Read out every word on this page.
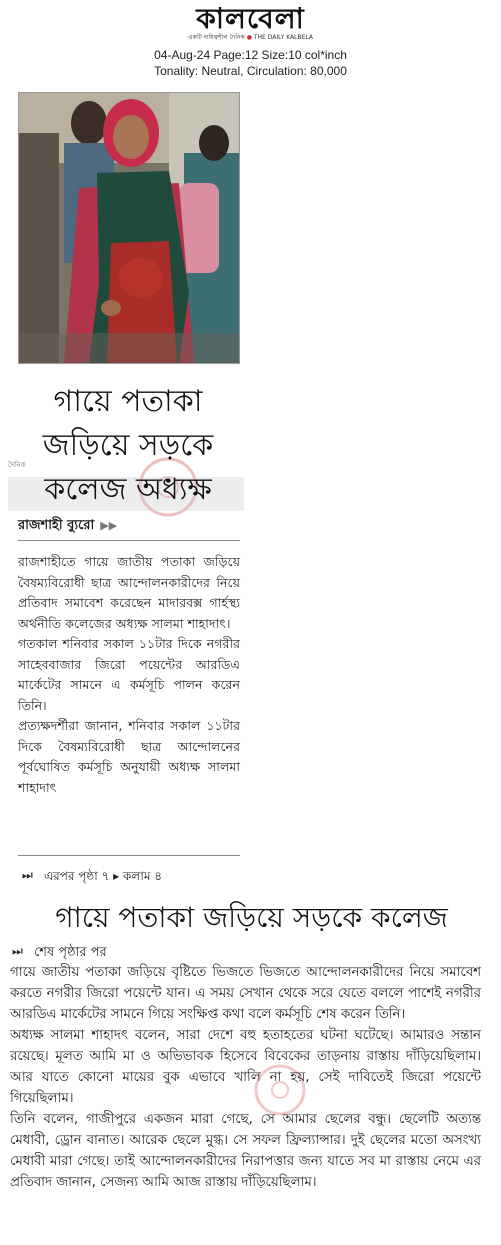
কালবেলা
একটি দায়িত্বশীল দৈনিক ● THE DAILY KALBELA
04-Aug-24 Page:12 Size:10 col*inch
Tonality: Neutral, Circulation: 80,000
দৈনিক
গায়ে পতাকা
জড়িয়ে সড়কে
কলেজ অধ্যক্ষ
রাজশাহী ব্যুরো ▶▶

রাজশাহীতে গায়ে জাতীয় পতাকা জড়িয়ে বৈষম্যবিরোধী ছাত্র আন্দোলনকারীদের নিয়ে প্রতিবাদ সমাবেশ করেছেন মাদারবক্স গার্হস্থ্য অর্থনীতি কলেজের অধ্যক্ষ সালমা শাহাদাৎ।

গতকাল শনিবার সকাল ১১টার দিকে নগরীর সাহেববাজার জিরো পয়েন্টের আরডিএ মার্কেটের সামনে এ কর্মসূচি পালন করেন তিনি।

প্রত্যক্ষদর্শীরা জানান, শনিবার সকাল ১১টার দিকে বৈষম্যবিরোধী ছাত্র আন্দোলনের পূর্বঘোষিত কর্মসূচি অনুযায়ী অধ্যক্ষ সালমা শাহাদাৎ

⏭ এরপর পৃষ্ঠা ৭ ▸ কলাম ৪
গায়ে পতাকা জড়িয়ে সড়কে কলেজ
⏭ শেষ পৃষ্ঠার পর

গায়ে জাতীয় পতাকা জড়িয়ে বৃষ্টিতে ভিজতে ভিজতে আন্দোলনকারীদের নিয়ে সমাবেশ করতে নগরীর জিরো পয়েন্টে যান। এ সময় সেখান থেকে সরে যেতে বললে পাশেই নগরীর আরডিএ মার্কেটের সামনে গিয়ে সংক্ষিপ্ত কথা বলে কর্মসূচি শেষ করেন তিনি।

অধ্যক্ষ সালমা শাহাদৎ বলেন, সারা দেশে বহু হতাহতের ঘটনা ঘটেছে। আমারও সন্তান রয়েছে। মূলত আমি মা ও অভিভাবক হিসেবে বিবেকের তাড়নায় রাস্তায় দাঁড়িয়েছিলাম। আর যাতে কোনো মায়ের বুক এভাবে খালি না হয়, সেই দাবিতেই জিরো পয়েন্টে গিয়েছিলাম।

তিনি বলেন, গাজীপুরে একজন মারা গেছে, সে আমার ছেলের বন্ধু। ছেলেটি অত্যন্ত মেধাবী, ড্রোন বানাত। আরেক ছেলে মুগ্ধ। সে সফল ফ্রিল্যান্সার। দুই ছেলের মতো অসংখ্য মেধাবী মারা গেছে। তাই আন্দোলনকারীদের নিরাপত্তার জন্য যাতে সব মা রাস্তায় নেমে এর প্রতিবাদ জানান, সেজন্য আমি আজ রাস্তায় দাঁড়িয়েছিলাম।
